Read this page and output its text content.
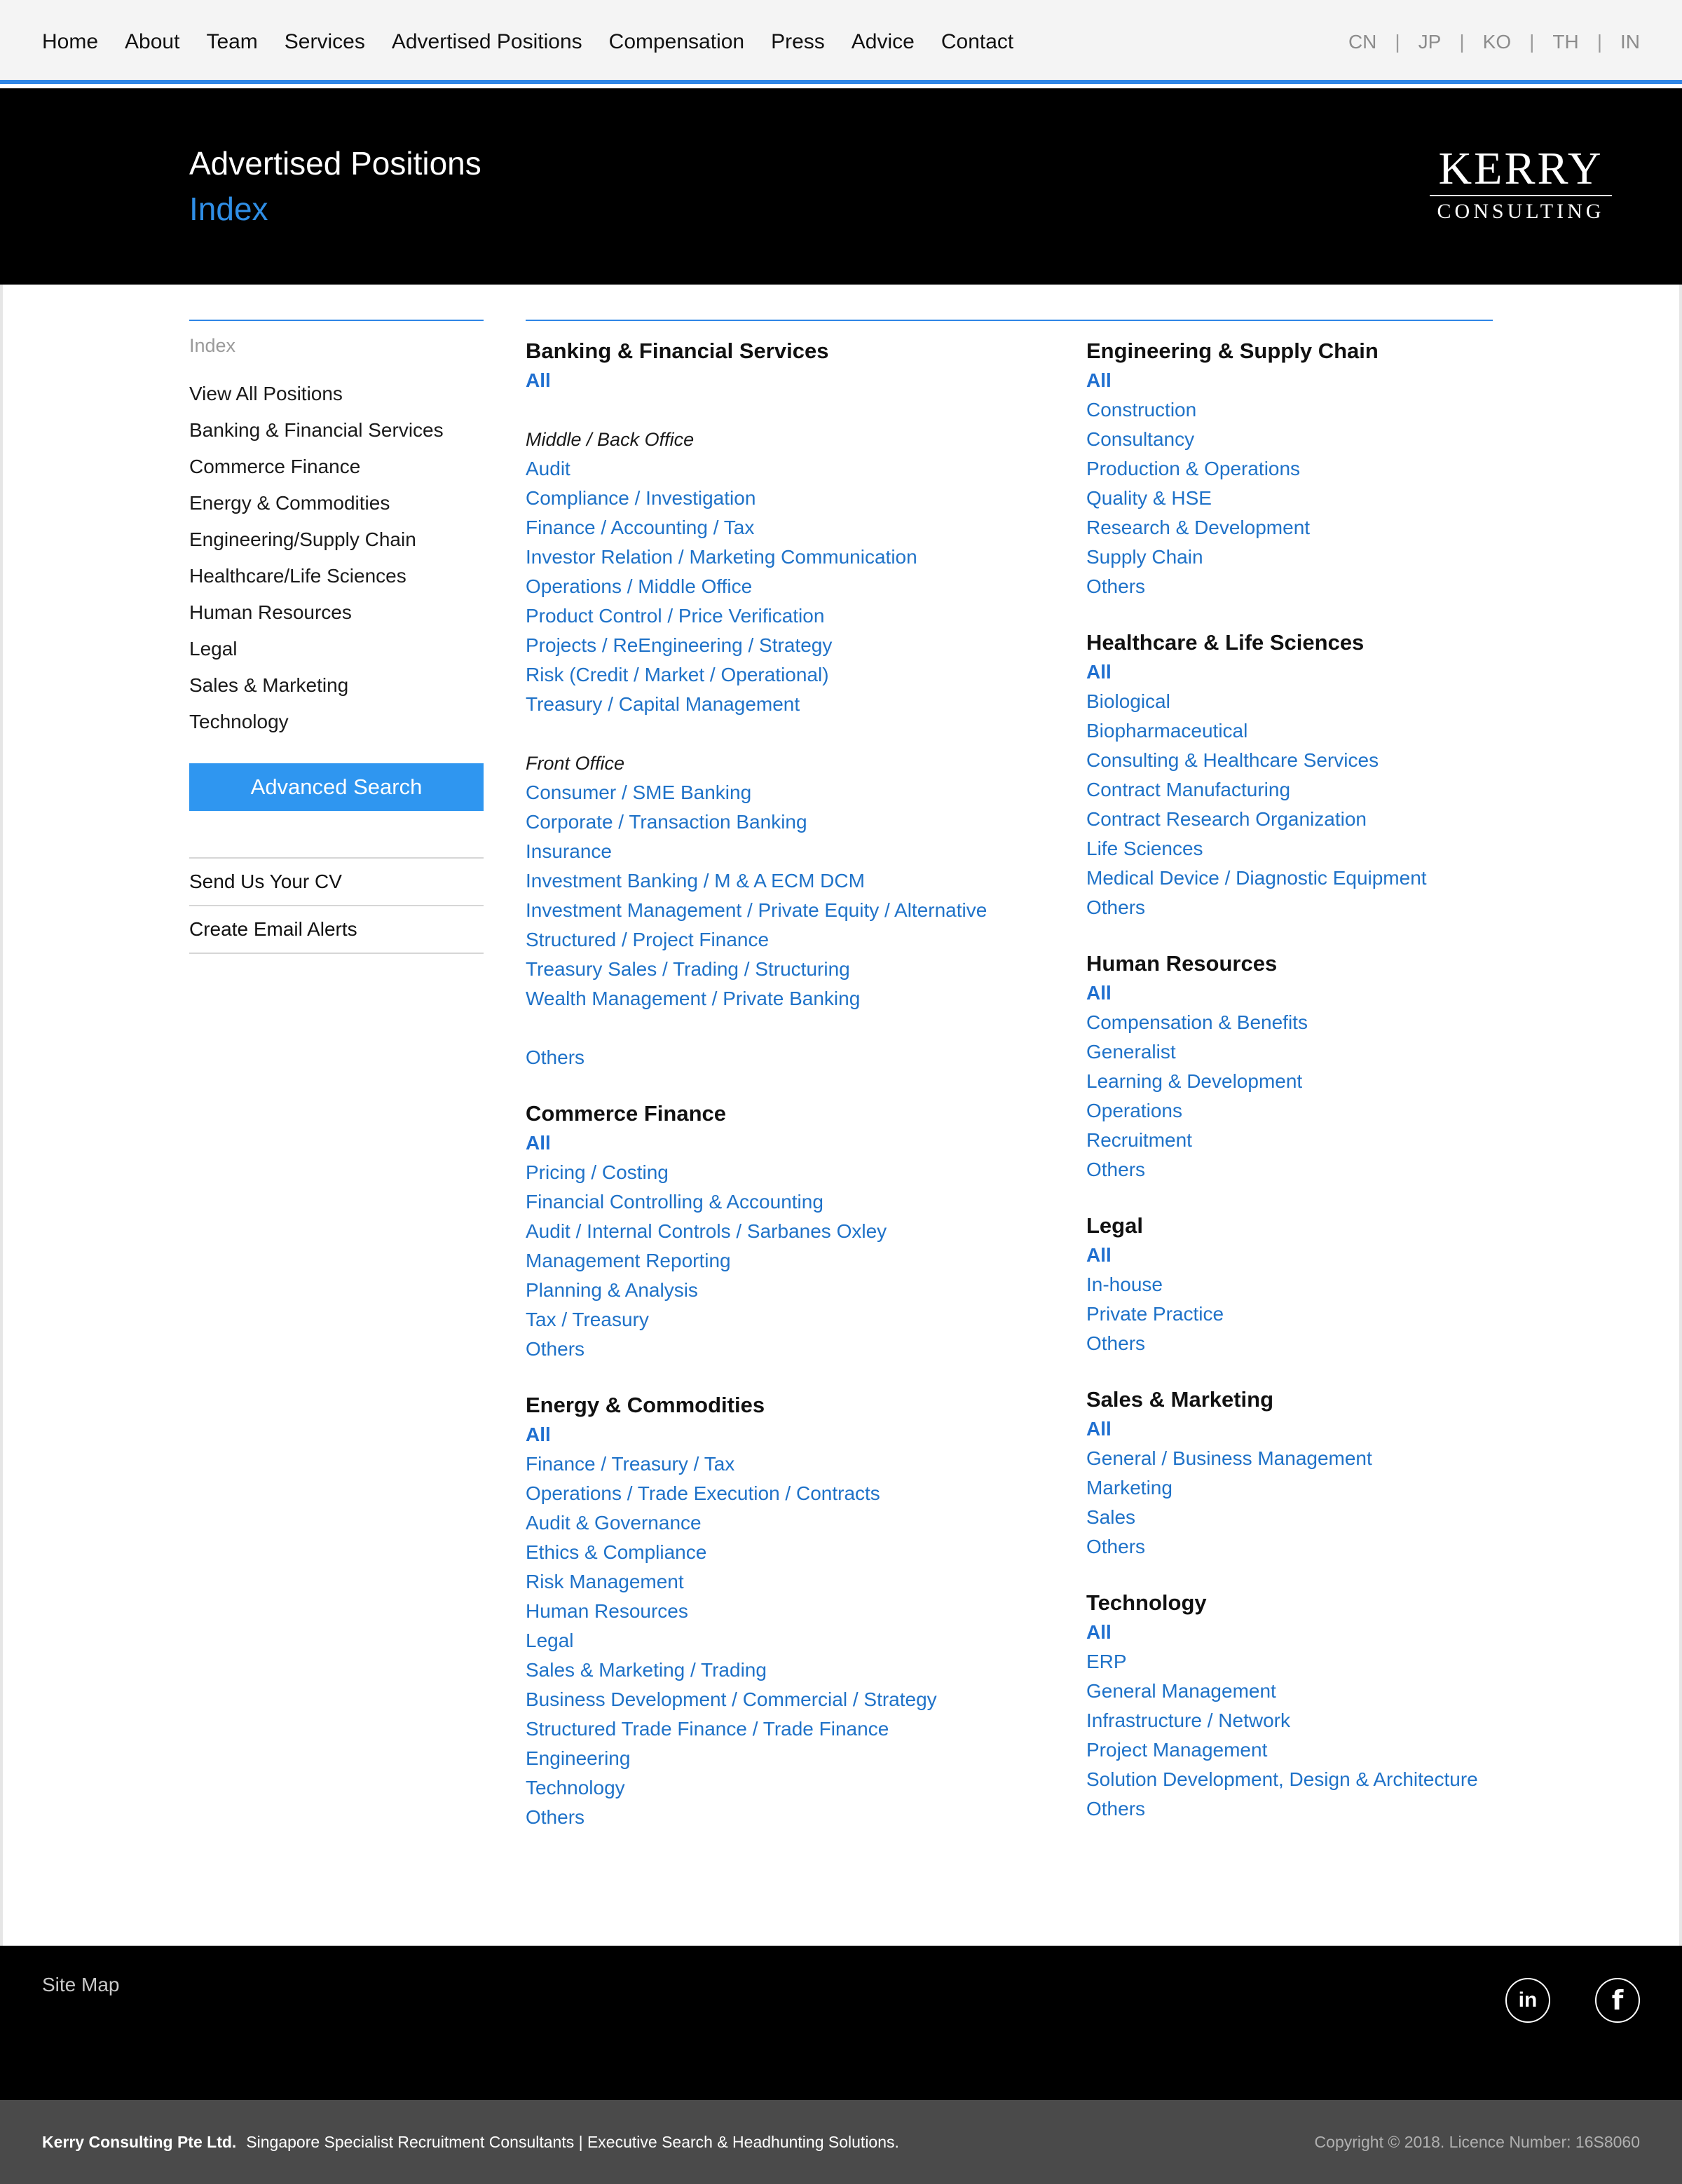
Home About Team Services Advertised Positions Compensation Press Advice Contact	CN | JP | KO | TH | IN
Advertised Positions
Index
KERRY
CONSULTING
Index
View All Positions
Banking & Financial Services
Commerce Finance
Energy & Commodities
Engineering/Supply Chain
Healthcare/Life Sciences
Human Resources
Legal
Sales & Marketing
Technology
Advanced Search
Send Us Your CV
Create Email Alerts
Banking & Financial Services
All
Middle / Back Office
Audit
Compliance / Investigation
Finance / Accounting / Tax
Investor Relation / Marketing Communication
Operations / Middle Office
Product Control / Price Verification
Projects / ReEngineering / Strategy
Risk (Credit / Market / Operational)
Treasury / Capital Management
Front Office
Consumer / SME Banking
Corporate / Transaction Banking
Insurance
Investment Banking / M & A ECM DCM
Investment Management / Private Equity / Alternative
Structured / Project Finance
Treasury Sales / Trading / Structuring
Wealth Management / Private Banking
Others
Commerce Finance
All
Pricing / Costing
Financial Controlling & Accounting
Audit / Internal Controls / Sarbanes Oxley
Management Reporting
Planning & Analysis
Tax / Treasury
Others
Energy & Commodities
All
Finance / Treasury / Tax
Operations / Trade Execution / Contracts
Audit & Governance
Ethics & Compliance
Risk Management
Human Resources
Legal
Sales & Marketing / Trading
Business Development / Commercial / Strategy
Structured Trade Finance / Trade Finance
Engineering
Technology
Others
Engineering & Supply Chain
All
Construction
Consultancy
Production & Operations
Quality & HSE
Research & Development
Supply Chain
Others
Healthcare & Life Sciences
All
Biological
Biopharmaceutical
Consulting & Healthcare Services
Contract Manufacturing
Contract Research Organization
Life Sciences
Medical Device / Diagnostic Equipment
Others
Human Resources
All
Compensation & Benefits
Generalist
Learning & Development
Operations
Recruitment
Others
Legal
All
In-house
Private Practice
Others
Sales & Marketing
All
General / Business Management
Marketing
Sales
Others
Technology
All
ERP
General Management
Infrastructure / Network
Project Management
Solution Development, Design & Architecture
Others
Site Map
in	f
Kerry Consulting Pte Ltd. Singapore Specialist Recruitment Consultants | Executive Search & Headhunting Solutions.	Copyright © 2018. Licence Number: 16S8060
